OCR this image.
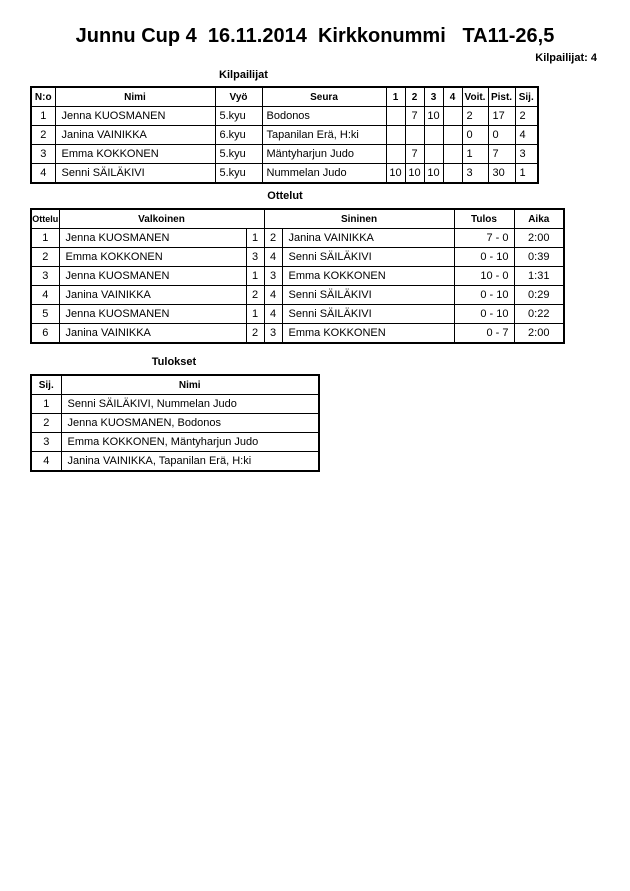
Junnu Cup 4  16.11.2014  Kirkkonummi   TA11-26,5
Kilpailijat: 4
Kilpailijat
N:o	Nimi	Vyö	Seura	1	2	3	4	Voit.	Pist.	Sij.
1	Jenna KUOSMANEN	5.kyu	Bodonos		7	10		2	17	2
2	Janina VAINIKKA	6.kyu	Tapanilan Erä, H:ki					0	0	4
3	Emma KOKKONEN	5.kyu	Mäntyharjun Judo		7			1	7	3
4	Senni SÄILÄKIVI	5.kyu	Nummelan Judo	10	10	10		3	30	1
Ottelut
Ottelu	Valkoinen		Sininen		Tulos	Aika
1	Jenna KUOSMANEN	1	2	Janina VAINIKKA	7 - 0	2:00
2	Emma KOKKONEN	3	4	Senni SÄILÄKIVI	0 - 10	0:39
3	Jenna KUOSMANEN	1	3	Emma KOKKONEN	10 - 0	1:31
4	Janina VAINIKKA	2	4	Senni SÄILÄKIVI	0 - 10	0:29
5	Jenna KUOSMANEN	1	4	Senni SÄILÄKIVI	0 - 10	0:22
6	Janina VAINIKKA	2	3	Emma KOKKONEN	0 - 7	2:00
Tulokset
Sij.	Nimi
1	Senni SÄILÄKIVI, Nummelan Judo
2	Jenna KUOSMANEN, Bodonos
3	Emma KOKKONEN, Mäntyharjun Judo
4	Janina VAINIKKA, Tapanilan Erä, H:ki
